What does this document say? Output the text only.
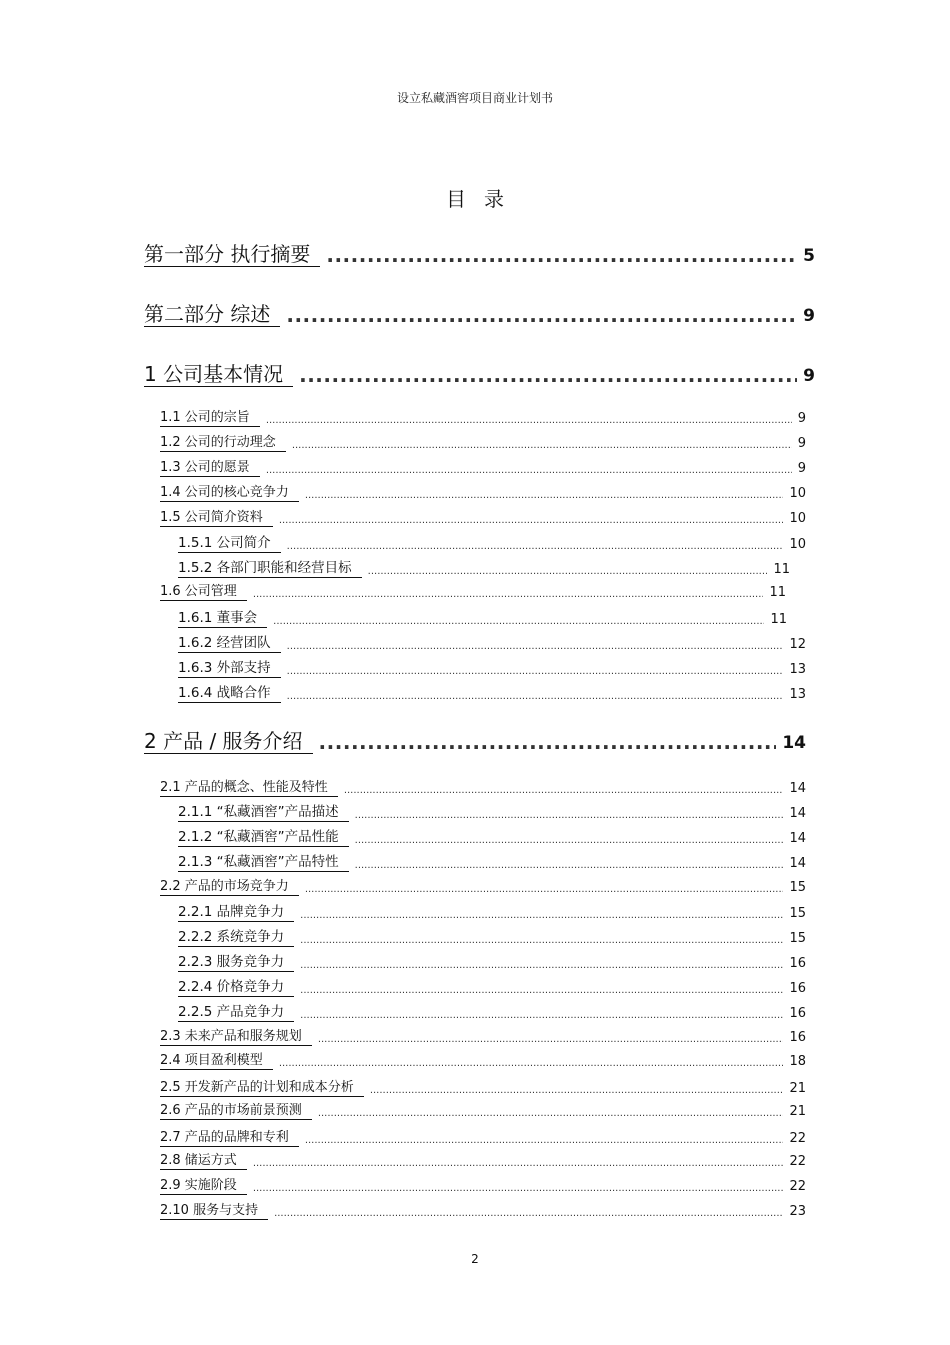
设立私藏酒窖项目商业计划书
目录
第一部分 执行摘要 .....	5
第二部分 综述 .....	9
1 公司基本情况 .....	9
1.1 公司的宗旨 .....	9
1.2 公司的行动理念 .....	9
1.3 公司的愿景 .....	9
1.4 公司的核心竞争力 .....	10
1.5 公司简介资料 .....	10
1.5.1 公司简介 .....	10
1.5.2 各部门职能和经营目标 .....	11
1.6 公司管理 .....	11
1.6.1 董事会 .....	11
1.6.2 经营团队 .....	12
1.6.3 外部支持 .....	13
1.6.4 战略合作 .....	13
2 产品 / 服务介绍 .....	14
2.1 产品的概念、性能及特性 .....	14
2.1.1 “私藏酒窖”产品描述 .....	14
2.1.2 “私藏酒窖”产品性能 .....	14
2.1.3 “私藏酒窖”产品特性 .....	14
2.2 产品的市场竞争力 .....	15
2.2.1 品牌竞争力 .....	15
2.2.2 系统竞争力 .....	15
2.2.3 服务竞争力 .....	16
2.2.4 价格竞争力 .....	16
2.2.5 产品竞争力 .....	16
2.3 未来产品和服务规划 .....	16
2.4 项目盈利模型 .....	18
2.5 开发新产品的计划和成本分析 .....	21
2.6 产品的市场前景预测 .....	21
2.7 产品的品牌和专利 .....	22
2.8 储运方式 .....	22
2.9 实施阶段 .....	22
2.10 服务与支持 .....	23
2
